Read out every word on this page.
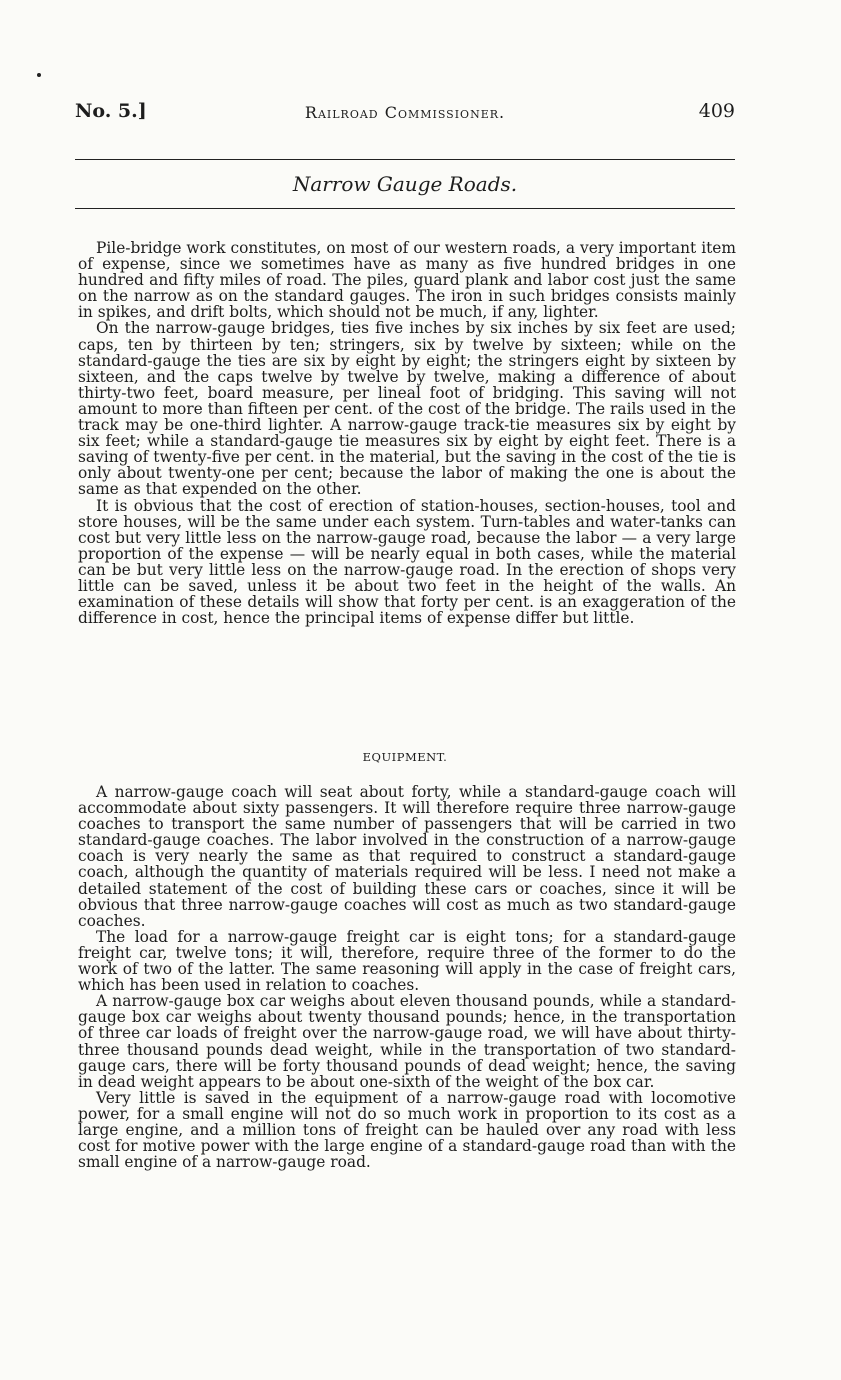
No. 5.]	Railroad Commissioner.	409
Narrow Gauge Roads.

Pile-bridge work constitutes, on most of our western roads, a very important item of expense, since we sometimes have as many as five hundred bridges in one hundred and fifty miles of road. The piles, guard plank and labor cost just the same on the narrow as on the standard gauges. The iron in such bridges consists mainly in spikes, and drift bolts, which should not be much, if any, lighter.

On the narrow-gauge bridges, ties five inches by six inches by six feet are used; caps, ten by thirteen by ten; stringers, six by twelve by sixteen; while on the standard-gauge the ties are six by eight by eight; the stringers eight by sixteen by sixteen, and the caps twelve by twelve by twelve, making a difference of about thirty-two feet, board measure, per lineal foot of bridging. This saving will not amount to more than fifteen per cent. of the cost of the bridge. The rails used in the track may be one-third lighter. A narrow-gauge track-tie measures six by eight by six feet; while a standard-gauge tie measures six by eight by eight feet. There is a saving of twenty-five per cent. in the material, but the saving in the cost of the tie is only about twenty-one per cent; because the labor of making the one is about the same as that expended on the other.

It is obvious that the cost of erection of station-houses, section-houses, tool and store houses, will be the same under each system. Turn-tables and water-tanks can cost but very little less on the narrow-gauge road, because the labor — a very large proportion of the expense — will be nearly equal in both cases, while the material can be but very little less on the narrow-gauge road. In the erection of shops very little can be saved, unless it be about two feet in the height of the walls. An examination of these details will show that forty per cent. is an exaggeration of the difference in cost, hence the principal items of expense differ but little.

EQUIPMENT.

A narrow-gauge coach will seat about forty, while a standard-gauge coach will accommodate about sixty passengers. It will therefore require three narrow-gauge coaches to transport the same number of passengers that will be carried in two standard-gauge coaches. The labor involved in the construction of a narrow-gauge coach is very nearly the same as that required to construct a standard-gauge coach, although the quantity of materials required will be less. I need not make a detailed statement of the cost of building these cars or coaches, since it will be obvious that three narrow-gauge coaches will cost as much as two standard-gauge coaches.

The load for a narrow-gauge freight car is eight tons; for a standard-gauge freight car, twelve tons; it will, therefore, require three of the former to do the work of two of the latter. The same reasoning will apply in the case of freight cars, which has been used in relation to coaches.

A narrow-gauge box car weighs about eleven thousand pounds, while a standard-gauge box car weighs about twenty thousand pounds; hence, in the transportation of three car loads of freight over the narrow-gauge road, we will have about thirty-three thousand pounds dead weight, while in the transportation of two standard-gauge cars, there will be forty thousand pounds of dead weight; hence, the saving in dead weight appears to be about one-sixth of the weight of the box car.

Very little is saved in the equipment of a narrow-gauge road with locomotive power, for a small engine will not do so much work in proportion to its cost as a large engine, and a million tons of freight can be hauled over any road with less cost for motive power with the large engine of a standard-gauge road than with the small engine of a narrow-gauge road.
